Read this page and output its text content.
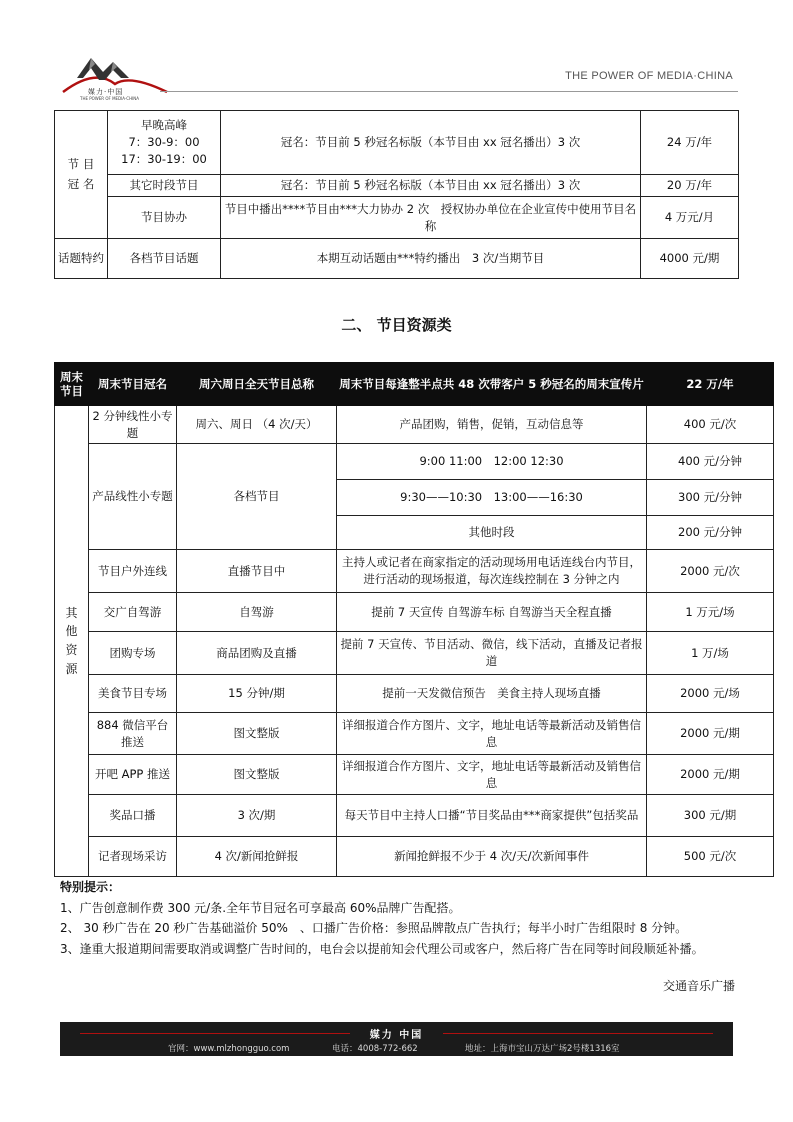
媒力·中国
THE POWER OF MEDIA·CHINA
THE POWER OF MEDIA·CHINA
节 目
冠 名	早晚高峰
7：30-9：00
17：30-19：00	冠名：节目前 5 秒冠名标版（本节目由 xx 冠名播出）3 次	24 万/年
	其它时段节目	冠名：节目前 5 秒冠名标版（本节目由 xx 冠名播出）3 次	20 万/年
	节目协办	节目中播出****节目由***大力协办 2 次　授权协办单位在企业宣传中使用节目名称	4 万元/月
话题特约	各档节目话题	本期互动话题由***特约播出　3 次/当期节目	4000 元/期
二、 节目资源类
周末
节目	周末节目冠名	周六周日全天节目总称	周末节目每逢整半点共 48 次带客户 5 秒冠名的周末宣传片	22 万/年
其
他
资
源	2 分钟线性小专题	周六、周日 （4 次/天）	产品团购，销售，促销，互动信息等	400 元/次
	产品线性小专题	各档节目	9:00 11:00　12:00 12:30	400 元/分钟
			9:30——10:30　13:00——16:30	300 元/分钟
			其他时段	200 元/分钟
	节目户外连线	直播节目中	主持人或记者在商家指定的活动现场用电话连线台内节目，进行活动的现场报道，每次连线控制在 3 分钟之内	2000 元/次
	交广自驾游	自驾游	提前 7 天宣传 自驾游车标 自驾游当天全程直播	1 万元/场
	团购专场	商品团购及直播	提前 7 天宣传、节目活动、微信，线下活动，直播及记者报道	1 万/场
	美食节目专场	15 分钟/期	提前一天发微信预告　美食主持人现场直播	2000 元/场
	884 微信平台推送	图文整版	详细报道合作方图片、文字，地址电话等最新活动及销售信息	2000 元/期
	开吧 APP 推送	图文整版	详细报道合作方图片、文字，地址电话等最新活动及销售信息	2000 元/期
	奖品口播	3 次/期	每天节目中主持人口播“节目奖品由***商家提供”包括奖品	300 元/期
	记者现场采访	4 次/新闻抢鲜报	新闻抢鲜报不少于 4 次/天/次新闻事件	500 元/次

特别提示：

1、广告创意制作费 300 元/条.全年节目冠名可享最高 60%品牌广告配搭。

2、 30 秒广告在 20 秒广告基础溢价 50%　、口播广告价格：参照品牌散点广告执行；每半小时广告组限时 8 分钟。

3、逢重大报道期间需要取消或调整广告时间的，电台会以提前知会代理公司或客户，然后将广告在同等时间段顺延补播。

交通音乐广播
媒力 中国
官网：www.mlzhongguo.com	电话：4008-772-662	地址：上海市宝山万达广场2号楼1316室
